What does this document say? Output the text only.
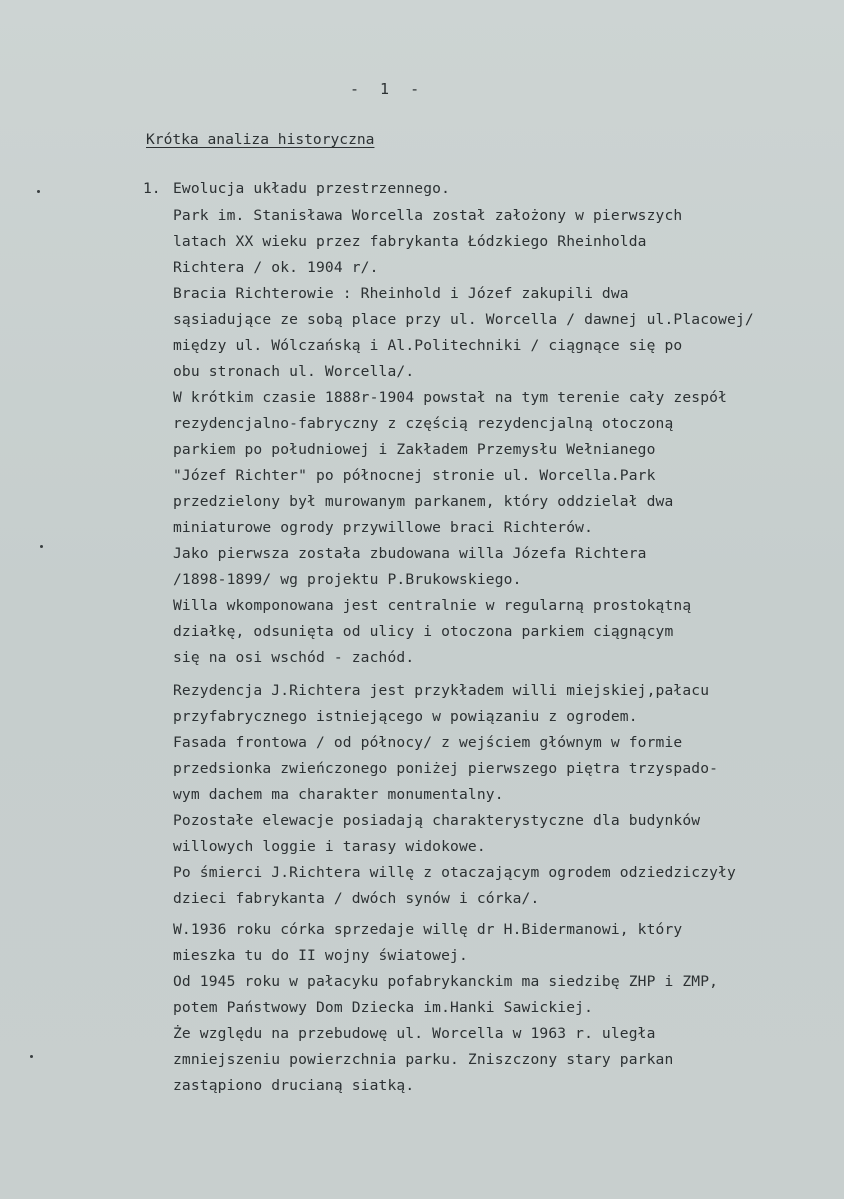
- 1 -
Krótka analiza historyczna
1. Ewolucja układu przestrzennego.
Park im. Stanisława Worcella został założony w pierwszych
latach XX wieku przez fabrykanta Łódzkiego Rheinholda
Richtera / ok. 1904 r/.
Bracia Richterowie : Rheinhold i Józef zakupili dwa
sąsiadujące ze sobą place przy ul. Worcella / dawnej ul.Placowej/
między ul. Wólczańską i Al.Politechniki / ciągnące się po
obu stronach ul. Worcella/.
W krótkim czasie 1888r-1904 powstał na tym terenie cały zespół
rezydencjalno-fabryczny z częścią rezydencjalną otoczoną
parkiem po południowej i Zakładem Przemysłu Wełnianego
"Józef Richter" po północnej stronie ul. Worcella.Park
przedzielony był murowanym parkanem, który oddzielał dwa
miniaturowe ogrody przywillowe braci Richterów.
Jako pierwsza została zbudowana willa Józefa Richtera
/1898-1899/ wg projektu P.Brukowskiego.
Willa wkomponowana jest centralnie w regularną prostokątną
działkę, odsunięta od ulicy i otoczona parkiem ciągnącym
się na osi wschód - zachód.
Rezydencja J.Richtera jest przykładem willi miejskiej,pałacu
przyfabrycznego istniejącego w powiązaniu z ogrodem.
Fasada frontowa / od północy/ z wejściem głównym w formie
przedsionka zwieńczonego poniżej pierwszego piętra trzyspado-
wym dachem ma charakter monumentalny.
Pozostałe elewacje posiadają charakterystyczne dla budynków
willowych loggie i tarasy widokowe.
Po śmierci J.Richtera willę z otaczającym ogrodem odziedziczyły
dzieci fabrykanta / dwóch synów i córka/.
W.1936 roku córka sprzedaje willę dr H.Bidermanowi, który
mieszka tu do II wojny światowej.
Od 1945 roku w pałacyku pofabrykanckim ma siedzibę ZHP i ZMP,
potem Państwowy Dom Dziecka im.Hanki Sawickiej.
Że względu na przebudowę ul. Worcella w 1963 r. uległa
zmniejszeniu powierzchnia parku. Zniszczony stary parkan
zastąpiono drucianą siatką.
